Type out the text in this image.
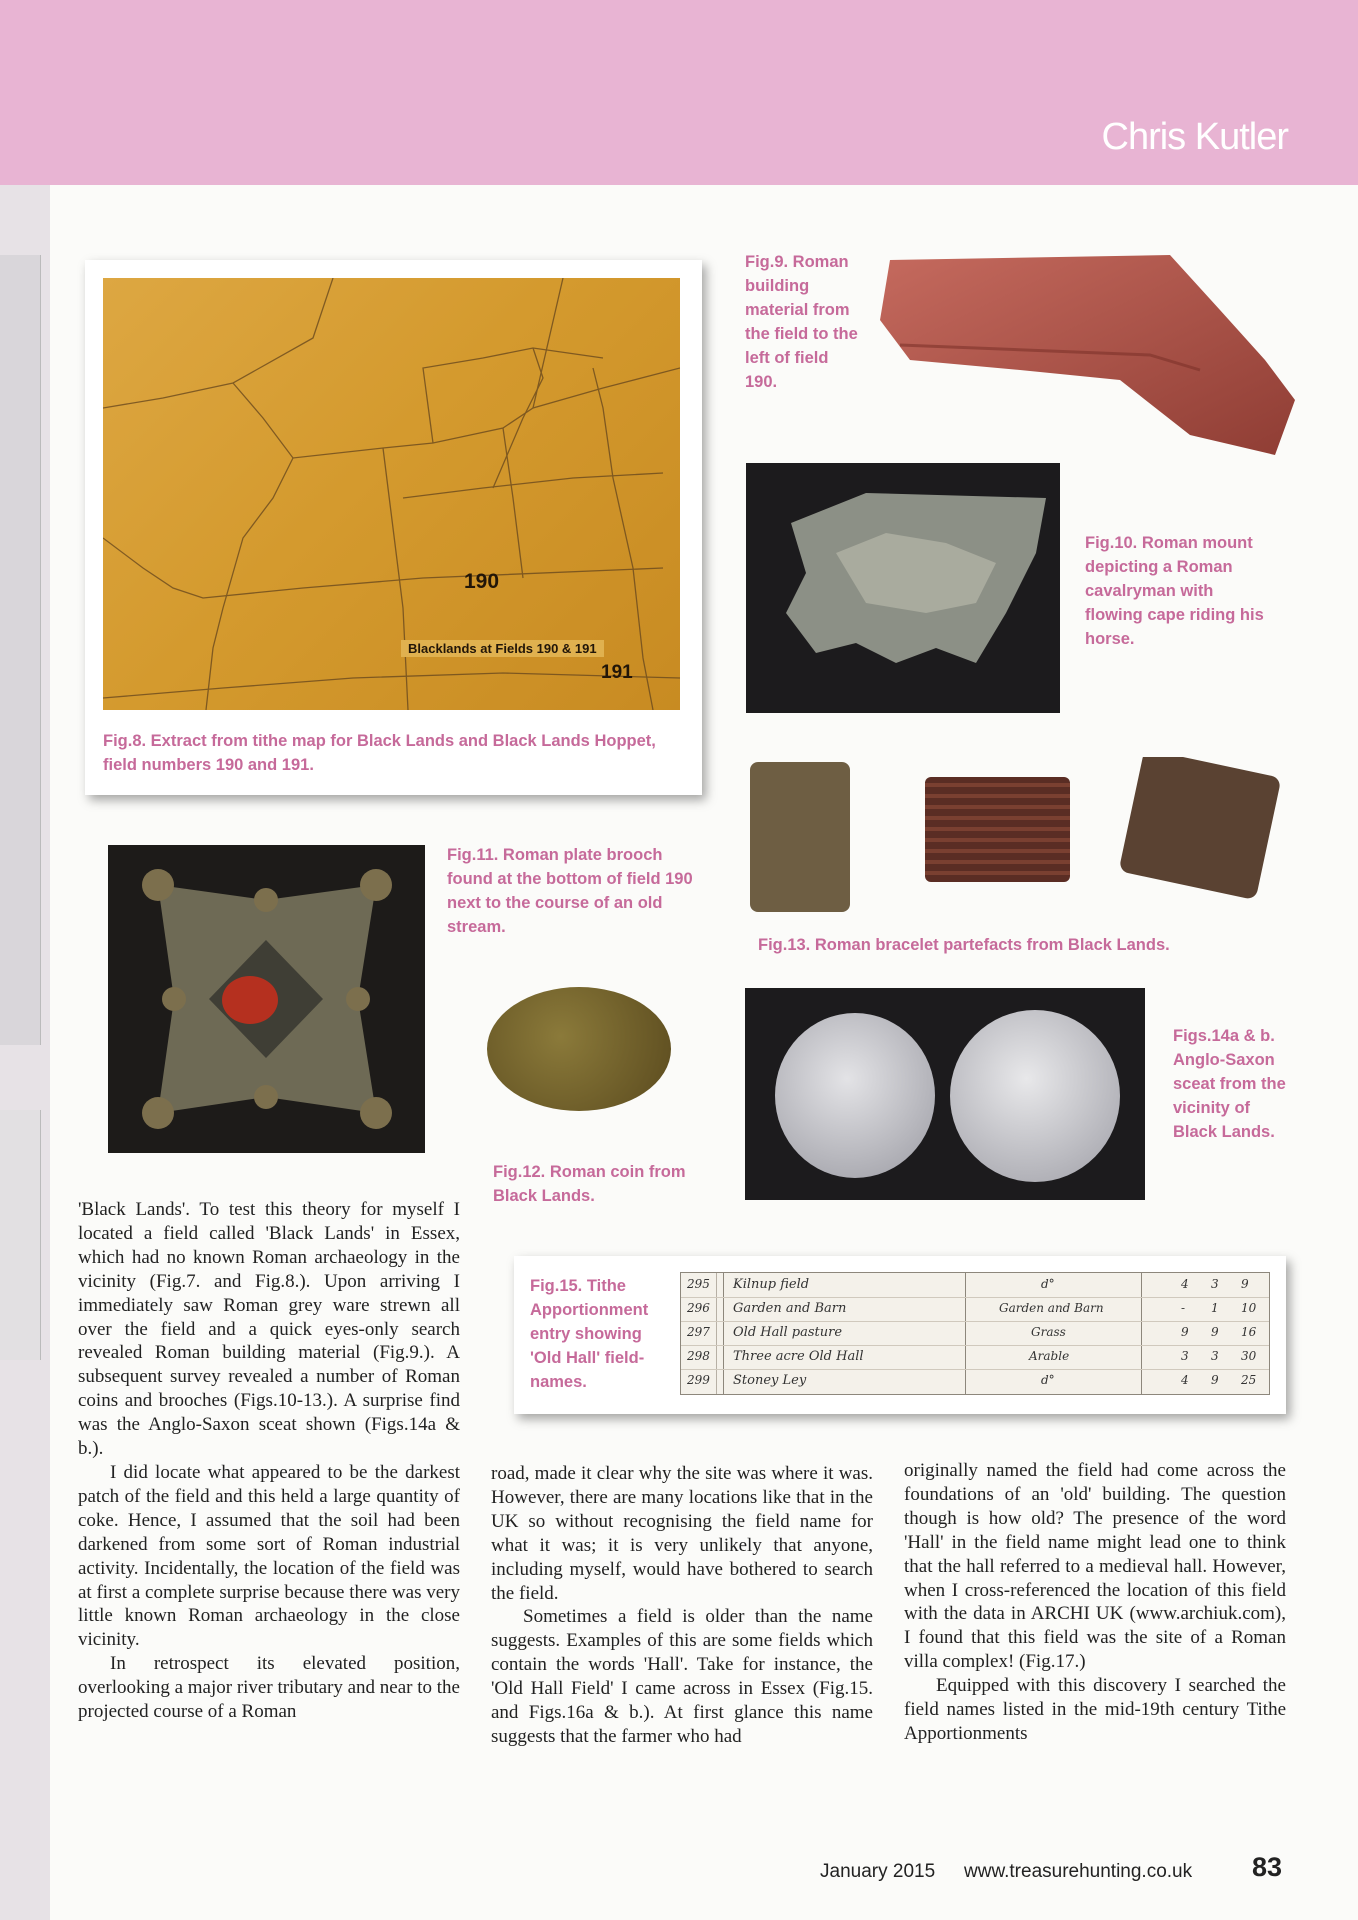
Chris Kutler
190
Blacklands at Fields 190 & 191
191
Fig.8. Extract from tithe map for Black Lands and Black Lands Hoppet, field numbers 190 and 191.
Fig.9. Roman building material from the field to the left of field 190.
Fig.10. Roman mount depicting a Roman cavalryman with flowing cape riding his horse.
Fig.13. Roman bracelet partefacts from Black Lands.
Fig.11. Roman plate brooch found at the bottom of field 190 next to the course of an old stream.
Fig.12. Roman coin from Black Lands.
Figs.14a & b. Anglo-Saxon sceat from the vicinity of Black Lands.
Fig.15. Tithe Apportionment entry showing 'Old Hall' field-names.
295 Kilnup field	d°	4 3 9
296 Garden and Barn	Garden and Barn	- 1 10
297 Old Hall pasture	Grass	9 9 16
298 Three acre Old Hall	Arable	3 3 30
299 Stoney Ley	d°	4 9 25

'Black Lands'. To test this theory for myself I located a field called 'Black Lands' in Essex, which had no known Roman archaeology in the vicinity (Fig.7. and Fig.8.). Upon arriving I immediately saw Roman grey ware strewn all over the field and a quick eyes-only search revealed Roman building material (Fig.9.). A subsequent survey revealed a number of Roman coins and brooches (Figs.10-13.). A surprise find was the Anglo-Saxon sceat shown (Figs.14a & b.).

I did locate what appeared to be the darkest patch of the field and this held a large quantity of coke. Hence, I assumed that the soil had been darkened from some sort of Roman industrial activity. Incidentally, the location of the field was at first a complete surprise because there was very little known Roman archaeology in the close vicinity.

In retrospect its elevated position, overlooking a major river tributary and near to the projected course of a Roman

road, made it clear why the site was where it was. However, there are many locations like that in the UK so without recognising the field name for what it was; it is very unlikely that anyone, including myself, would have bothered to search the field.

Sometimes a field is older than the name suggests. Examples of this are some fields which contain the words 'Hall'. Take for instance, the 'Old Hall Field' I came across in Essex (Fig.15. and Figs.16a & b.). At first glance this name suggests that the farmer who had

originally named the field had come across the foundations of an 'old' building. The question though is how old? The presence of the word 'Hall' in the field name might lead one to think that the hall referred to a medieval hall. However, when I cross-referenced the location of this field with the data in ARCHI UK (www.archiuk.com), I found that this field was the site of a Roman villa complex! (Fig.17.)

Equipped with this discovery I searched the field names listed in the mid-19th century Tithe Apportionments

January 2015 www.treasurehunting.co.uk 83
